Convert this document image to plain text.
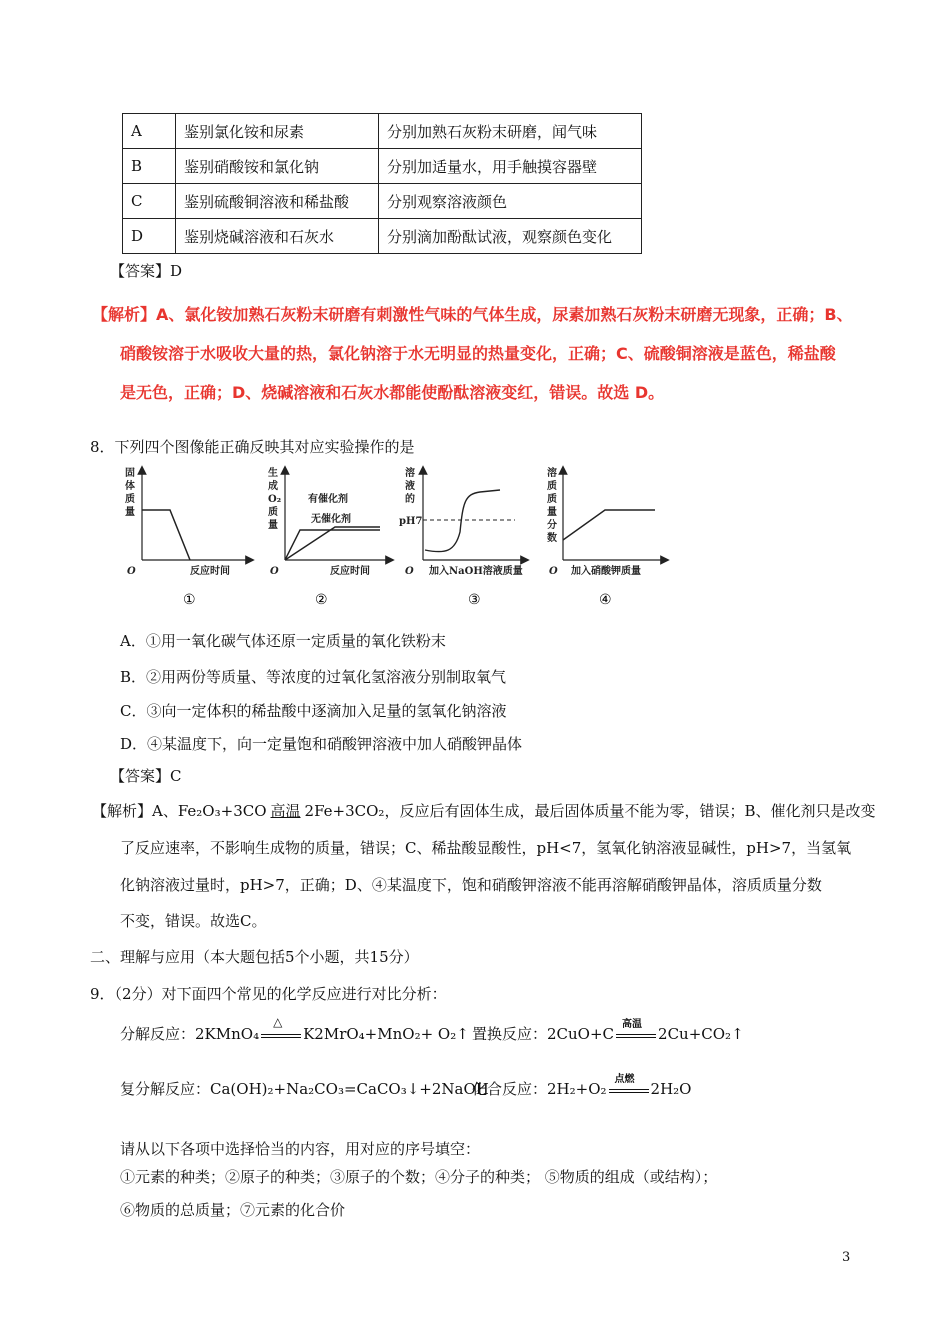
A	鉴别氯化铵和尿素	分别加熟石灰粉末研磨，闻气味
B	鉴别硝酸铵和氯化钠	分别加适量水，用手触摸容器壁
C	鉴别硫酸铜溶液和稀盐酸	分别观察溶液颜色
D	鉴别烧碱溶液和石灰水	分别滴加酚酞试液，观察颜色变化
【答案】D
【解析】A、氯化铵加熟石灰粉末研磨有刺激性气味的气体生成，尿素加熟石灰粉末研磨无现象，正确；B、
硝酸铵溶于水吸收大量的热，氯化钠溶于水无明显的热量变化，正确；C、硫酸铜溶液是蓝色，稀盐酸
是无色，正确；D、烧碱溶液和石灰水都能使酚酞溶液变红，错误。故选 D。
8．下列四个图像能正确反映其对应实验操作的是
固
体
质
量
O	反应时间
①
生
成
O₂
质
量
有催化剂
无催化剂
O	反应时间
②
溶
液
的
pH7
O 加入NaOH溶液质量
③
溶
质
质
量
分
数
O 加入硝酸钾质量
④
A．①用一氧化碳气体还原一定质量的氧化铁粉末
B．②用两份等质量、等浓度的过氧化氢溶液分别制取氧气
C．③向一定体积的稀盐酸中逐滴加入足量的氢氧化钠溶液
D．④某温度下，向一定量饱和硝酸钾溶液中加人硝酸钾晶体
【答案】C
【解析】A、Fe₂O₃+3CO 高温 2Fe+3CO₂，反应后有固体生成，最后固体质量不能为零，错误；B、催化剂只是改变
了反应速率，不影响生成物的质量，错误；C、稀盐酸显酸性，pH<7，氢氧化钠溶液显碱性，pH>7，当氢氧
化钠溶液过量时，pH>7，正确；D、④某温度下，饱和硝酸钾溶液不能再溶解硝酸钾晶体，溶质质量分数
不变，错误。故选C。
二、理解与应用（本大题包括5个小题，共15分）
9．（2分）对下面四个常见的化学反应进行对比分析：
分解反应：2KMnO₄
△
K2MrO₄+MnO₂+ O₂↑ 置换反应：2CuO+C
高温
2Cu+CO₂↑
复分解反应：Ca(OH)₂+Na₂CO₃=CaCO₃↓+2NaOH
化合反应：2H₂+O₂
点燃
2H₂O
请从以下各项中选择恰当的内容，用对应的序号填空：
①元素的种类；②原子的种类；③原子的个数；④分子的种类； ⑤物质的组成（或结构）；
⑥物质的总质量；⑦元素的化合价
3
